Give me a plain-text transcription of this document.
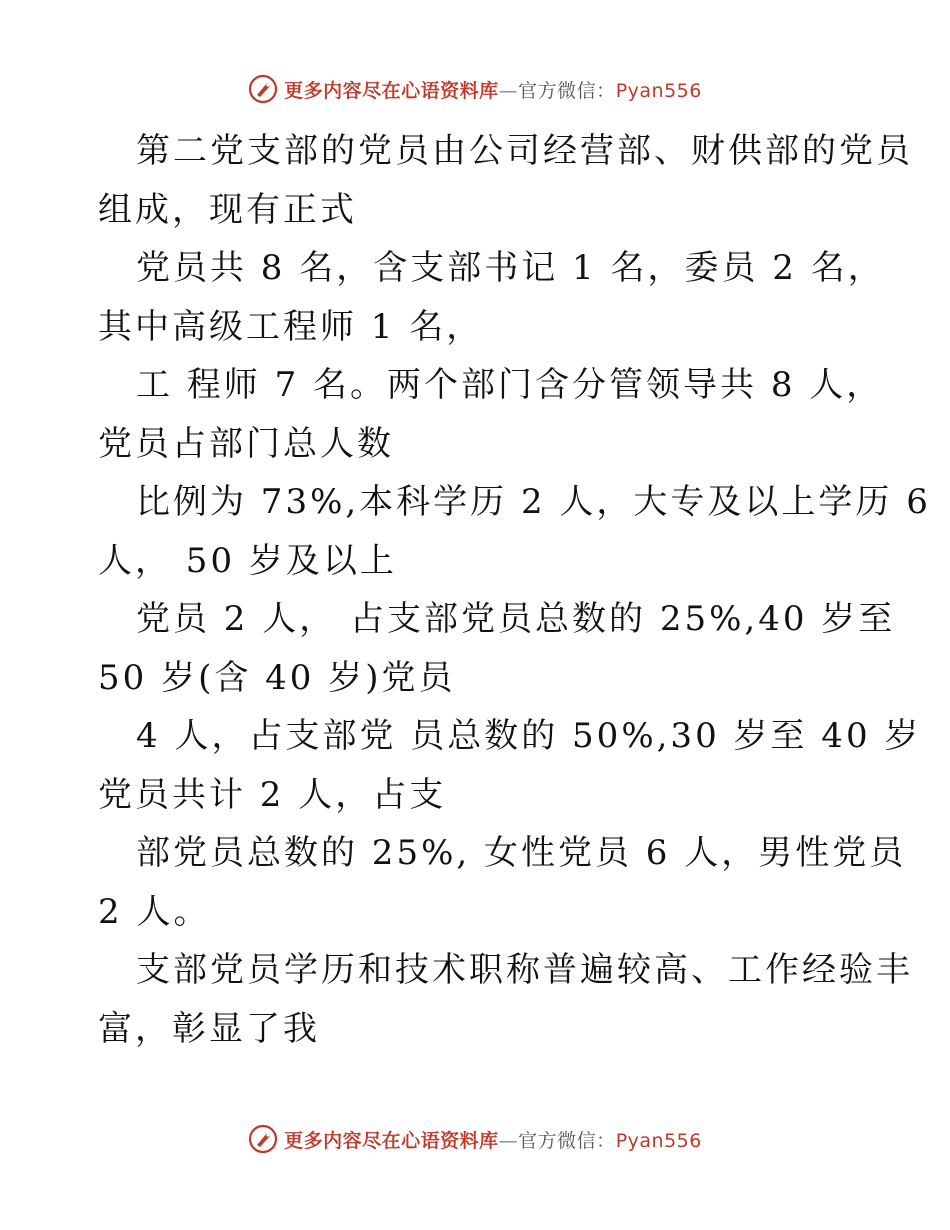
更多内容尽在心语资料库—官方微信：Pyan556
第二党支部的党员由公司经营部、财供部的党员
组成，现有正式
党员共 8 名，含支部书记 1 名，委员 2 名，
其中高级工程师 1 名，
工 程师 7 名。两个部门含分管领导共 8 人，
党员占部门总人数
比例为 73%,本科学历 2 人，大专及以上学历 6
人， 50 岁及以上
党员 2 人， 占支部党员总数的 25%,40 岁至
50 岁(含 40 岁)党员
4 人，占支部党 员总数的 50%,30 岁至 40 岁
党员共计 2 人，占支
部党员总数的 25%, 女性党员 6 人，男性党员
2 人。
支部党员学历和技术职称普遍较高、工作经验丰
富，彰显了我
更多内容尽在心语资料库—官方微信：Pyan556
